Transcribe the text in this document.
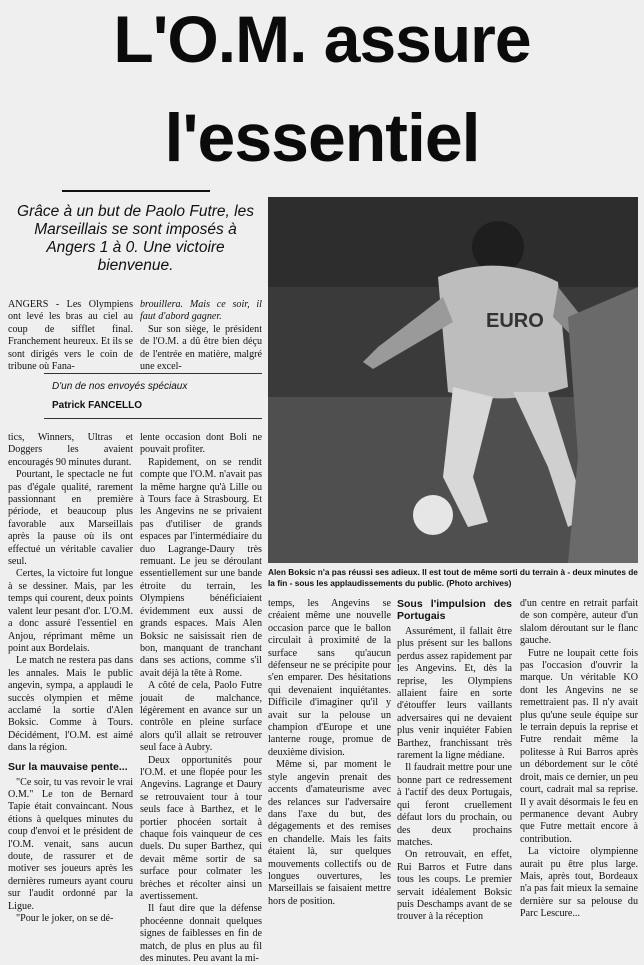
L'O.M. assure
l'essentiel
Grâce à un but de Paolo Futre, les Marseillais se sont imposés à Angers 1 à 0. Une victoire bienvenue.

ANGERS - Les Olympiens ont levé les bras au ciel au coup de sifflet final. Franchement heureux. Et ils se sont dirigés vers le coin de tribune où Fana-

brouillera. Mais ce soir, il faut d'abord gagner.

Sur son siège, le président de l'O.M. a dû être bien déçu de l'entrée en matière, malgré une excel-

D'un de nos envoyés spéciaux
Patrick FANCELLO

tics, Winners, Ultras et Doggers les avaient encouragés 90 minutes durant.

Pourtant, le spectacle ne fut pas d'égale qualité, rarement passionnant en première période, et beaucoup plus favorable aux Marseillais après la pause où ils ont effectué un véritable cavalier seul.

Certes, la victoire fut longue à se dessiner. Mais, par les temps qui courent, deux points valent leur pesant d'or. L'O.M. a donc assuré l'essentiel en Anjou, réprimant même un point aux Bordelais.

Le match ne restera pas dans les annales. Mais le public angevin, sympa, a applaudi le succès olympien et même acclamé la sortie d'Alen Boksic. Comme à Tours. Décidément, l'O.M. est aimé dans la région.

Sur la mauvaise pente...

"Ce soir, tu vas revoir le vrai O.M." Le ton de Bernard Tapie était convaincant. Nous étions à quelques minutes du coup d'envoi et le président de l'O.M. venait, sans aucun doute, de rassurer et de motiver ses joueurs après les dernières rumeurs ayant couru sur l'audit ordonné par la Ligue.

"Pour le joker, on se dé-

lente occasion dont Boli ne pouvait profiter.

Rapidement, on se rendit compte que l'O.M. n'avait pas la même hargne qu'à Lille ou à Tours face à Strasbourg. Et les Angevins ne se privaient pas d'utiliser de grands espaces par l'intermédiaire du duo Lagrange-Daury très remuant. Le jeu se déroulant essentiellement sur une bande étroite du terrain, les Olympiens bénéficiaient évidemment eux aussi de grands espaces. Mais Alen Boksic ne saisissait rien de bon, manquant de tranchant dans ses actions, comme s'il avait déjà la tête à Rome.

A côté de cela, Paolo Futre jouait de malchance, légèrement en avance sur un contrôle en pleine surface alors qu'il allait se retrouver seul face à Aubry.

Deux opportunités pour l'O.M. et une flopée pour les Angevins. Lagrange et Daury se retrouvaient tour à tour seuls face à Barthez, et le portier phocéen sortait à chaque fois vainqueur de ces duels. Du super Barthez, qui devait même sortir de sa surface pour colmater les brèches et récolter ainsi un avertissement.

Il faut dire que la défense phocéenne donnait quelques signes de faiblesses en fin de match, de plus en plus au fil des minutes. Peu avant la mi-

EURO
Alen Boksic n'a pas réussi ses adieux. Il est tout de même sorti du terrain à - deux minutes de la fin - sous les applaudissements du public. (Photo archives)

temps, les Angevins se créaient même une nouvelle occasion parce que le ballon circulait à proximité de la surface sans qu'aucun défenseur ne se précipite pour s'en emparer. Des hésitations qui devenaient inquiétantes. Difficile d'imaginer qu'il y avait sur la pelouse un champion d'Europe et une lanterne rouge, promue de deuxième division.

Même si, par moment le style angevin prenait des accents d'amateurisme avec des relances sur l'adversaire dans l'axe du but, des dégagements et des remises en chandelle. Mais les faits étaient là, sur quelques mouvements collectifs ou de longues ouvertures, les Marseillais se faisaient mettre hors de position.

Sous l'impulsion des Portugais

Assurément, il fallait être plus présent sur les ballons perdus assez rapidement par les Angevins. Et, dès la reprise, les Olympiens allaient faire en sorte d'étouffer leurs vaillants adversaires qui ne devaient plus venir inquiéter Fabien Barthez, franchissant très rarement la ligne médiane.

Il faudrait mettre pour une bonne part ce redressement à l'actif des deux Portugais, qui feront cruellement défaut lors du prochain, ou des deux prochains matches.

On retrouvait, en effet, Rui Barros et Futre dans tous les coups. Le premier servait idéalement Boksic puis Deschamps avant de se trouver à la réception

d'un centre en retrait parfait de son compère, auteur d'un slalom déroutant sur le flanc gauche.

Futre ne loupait cette fois pas l'occasion d'ouvrir la marque. Un véritable KO dont les Angevins ne se remettraient pas. Il n'y avait plus qu'une seule équipe sur le terrain depuis la reprise et Futre rendait même la politesse à Rui Barros après un débordement sur le côté droit, mais ce dernier, un peu court, cadrait mal sa reprise. Il y avait désormais le feu en permanence devant Aubry que Futre mettait encore à contribution.

La victoire olympienne aurait pu être plus large. Mais, après tout, Bordeaux n'a pas fait mieux la semaine dernière sur sa pelouse du Parc Lescure...
